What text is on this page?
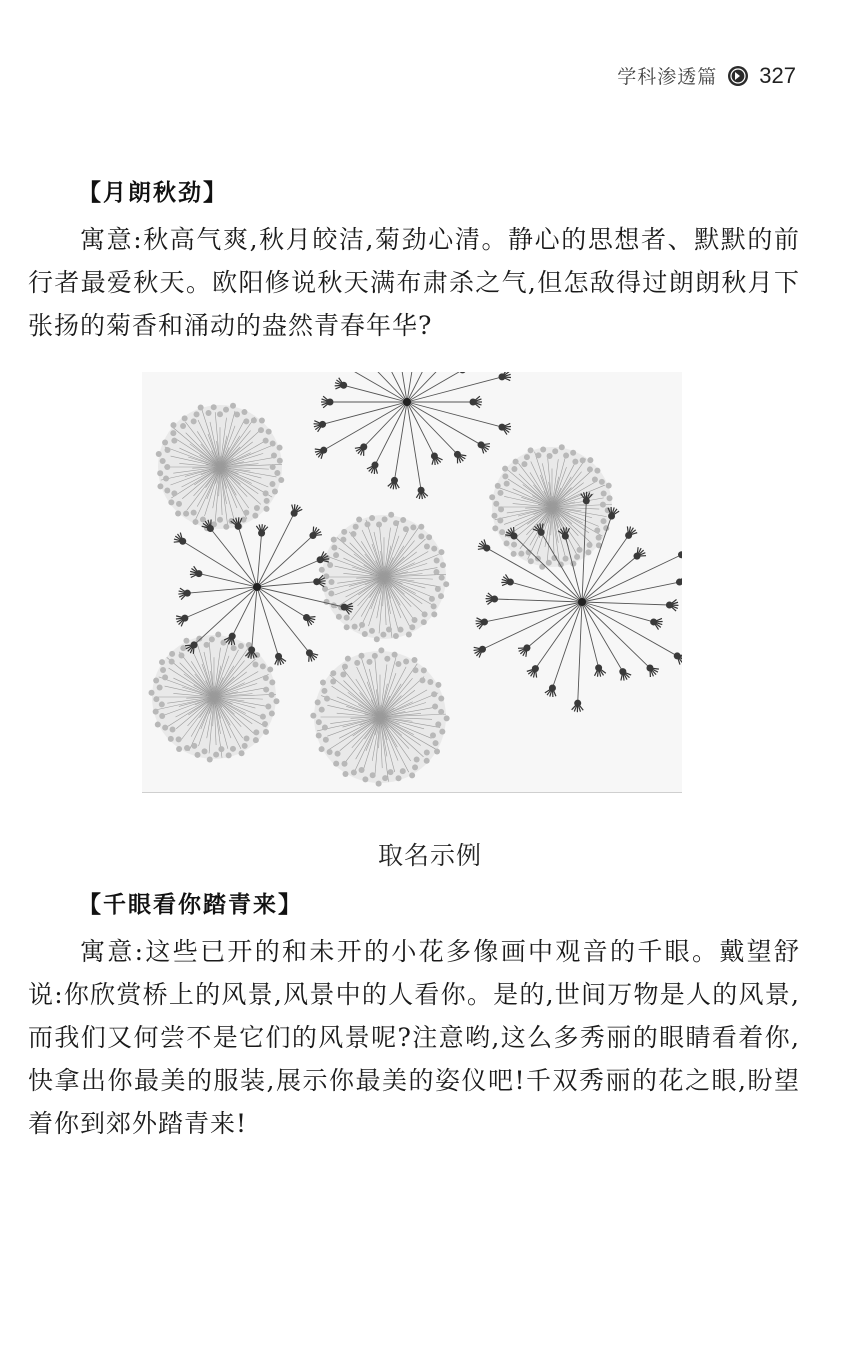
学科渗透篇 327
【月朗秋劲】

寓意:秋高气爽,秋月皎洁,菊劲心清。静心的思想者、默默的前行者最爱秋天。欧阳修说秋天满布肃杀之气,但怎敌得过朗朗秋月下张扬的菊香和涌动的盎然青春年华?

取名示例
【千眼看你踏青来】

寓意:这些已开的和未开的小花多像画中观音的千眼。戴望舒说:你欣赏桥上的风景,风景中的人看你。是的,世间万物是人的风景,而我们又何尝不是它们的风景呢?注意哟,这么多秀丽的眼睛看着你,快拿出你最美的服装,展示你最美的姿仪吧!千双秀丽的花之眼,盼望着你到郊外踏青来!
